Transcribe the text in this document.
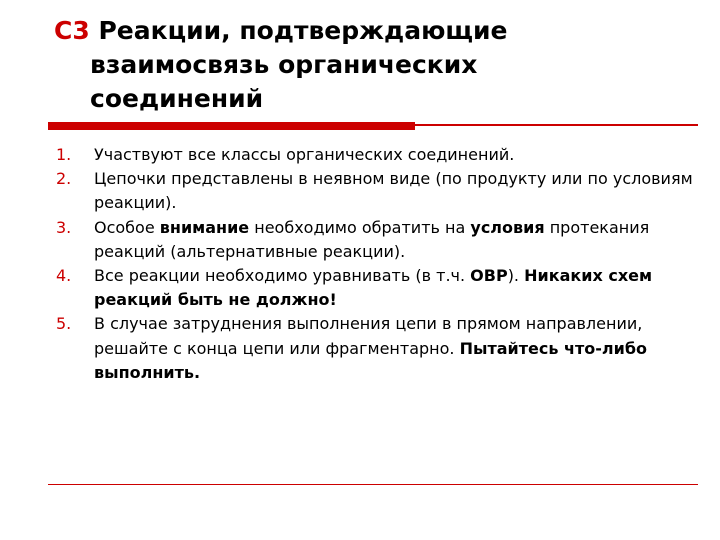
C3 Реакции, подтверждающие
взаимосвязь органических
соединений
1.	Участвуют все классы органических соединений.
2.	Цепочки представлены в неявном виде (по продукту или по условиям реакции).
3.	Особое внимание необходимо обратить на условия протекания реакций (альтернативные реакции).
4.	Все реакции необходимо уравнивать (в т.ч. ОВР). Никаких схем реакций быть не должно!
5.	В случае затруднения выполнения цепи в прямом направлении, решайте с конца цепи или фрагментарно. Пытайтесь что-либо выполнить.
